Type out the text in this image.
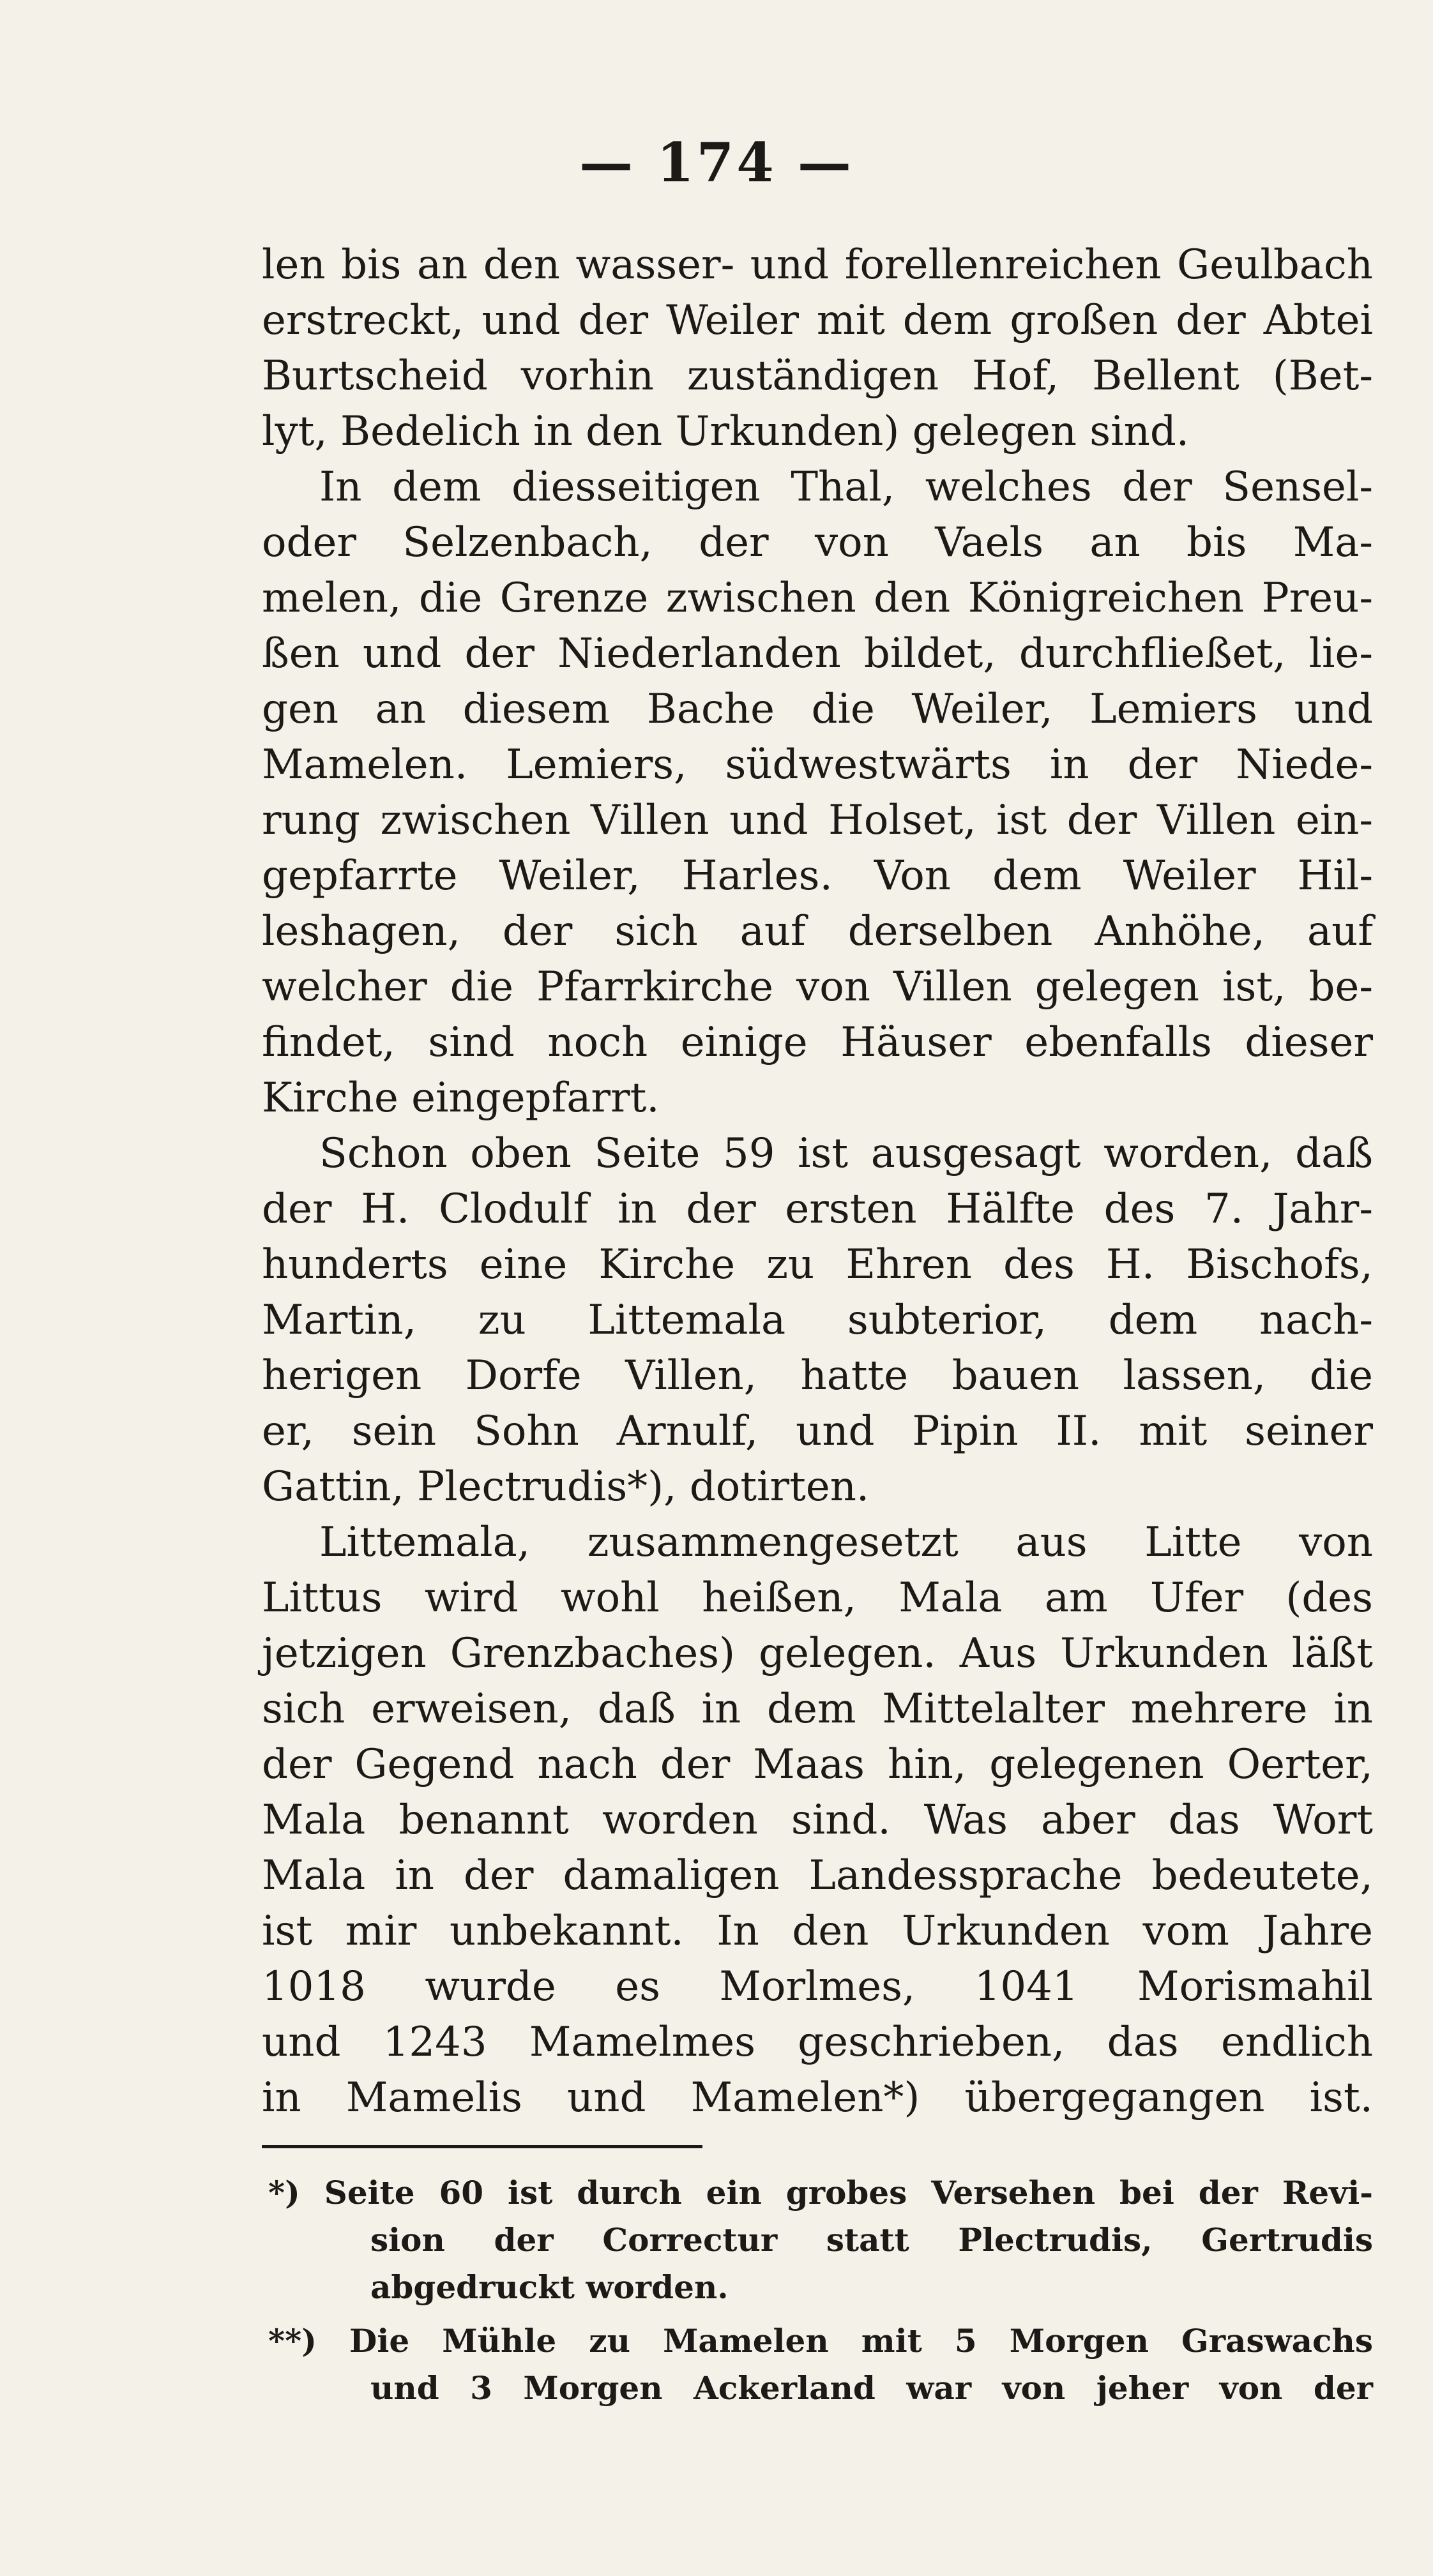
— 174 —
len bis an den wasser- und forellenreichen Geulbach
erstreckt, und der Weiler mit dem großen der Abtei
Burtscheid vorhin zuständigen Hof, Bellent (Bet-
lyt, Bedelich in den Urkunden) gelegen sind.
In dem diesseitigen Thal, welches der Sensel-
oder Selzenbach, der von Vaels an bis Ma-
melen, die Grenze zwischen den Königreichen Preu-
ßen und der Niederlanden bildet, durchfließet, lie-
gen an diesem Bache die Weiler, Lemiers und
Mamelen. Lemiers, südwestwärts in der Niede-
rung zwischen Villen und Holset, ist der Villen ein-
gepfarrte Weiler, Harles. Von dem Weiler Hil-
leshagen, der sich auf derselben Anhöhe, auf
welcher die Pfarrkirche von Villen gelegen ist, be-
findet, sind noch einige Häuser ebenfalls dieser
Kirche eingepfarrt.
Schon oben Seite 59 ist ausgesagt worden, daß
der H. Clodulf in der ersten Hälfte des 7. Jahr-
hunderts eine Kirche zu Ehren des H. Bischofs,
Martin, zu Littemala subterior, dem nach-
herigen Dorfe Villen, hatte bauen lassen, die
er, sein Sohn Arnulf, und Pipin II. mit seiner
Gattin, Plectrudis*), dotirten.
Littemala, zusammengesetzt aus Litte von
Littus wird wohl heißen, Mala am Ufer (des
jetzigen Grenzbaches) gelegen. Aus Urkunden läßt
sich erweisen, daß in dem Mittelalter mehrere in
der Gegend nach der Maas hin, gelegenen Oerter,
Mala benannt worden sind. Was aber das Wort
Mala in der damaligen Landessprache bedeutete,
ist mir unbekannt. In den Urkunden vom Jahre
1018 wurde es Morlmes, 1041 Morismahil
und 1243 Mamelmes geschrieben, das endlich
in Mamelis und Mamelen*) übergegangen ist.
*) Seite 60 ist durch ein grobes Versehen bei der Revi-
sion der Correctur statt Plectrudis, Gertrudis
abgedruckt worden.
**) Die Mühle zu Mamelen mit 5 Morgen Graswachs
und 3 Morgen Ackerland war von jeher von der
